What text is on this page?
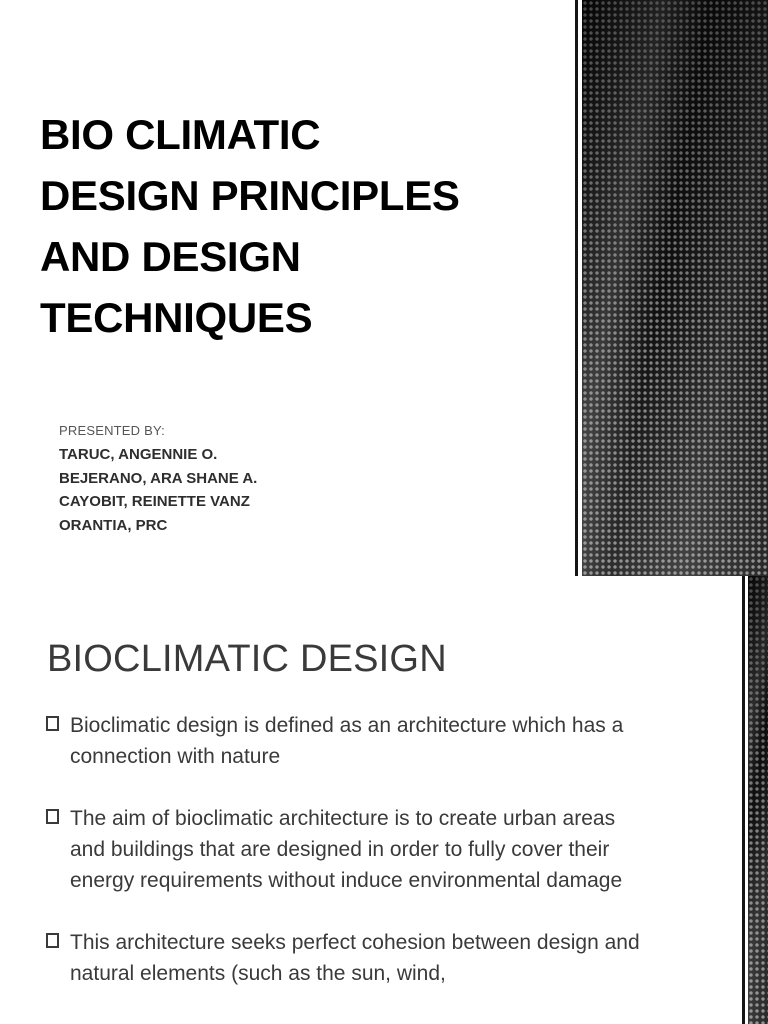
BIO CLIMATIC
DESIGN PRINCIPLES
AND DESIGN
TECHNIQUES

PRESENTED BY:

TARUC, ANGENNIE O.
BEJERANO, ARA SHANE A.
CAYOBIT, REINETTE VANZ
ORANTIA, PRC
BIOCLIMATIC DESIGN
Bioclimatic design is defined as an architecture which has a connection with nature
The aim of bioclimatic architecture is to create urban areas and buildings that are designed in order to fully cover their energy requirements without induce environmental damage
This architecture seeks perfect cohesion between design and natural elements (such as the sun, wind,
